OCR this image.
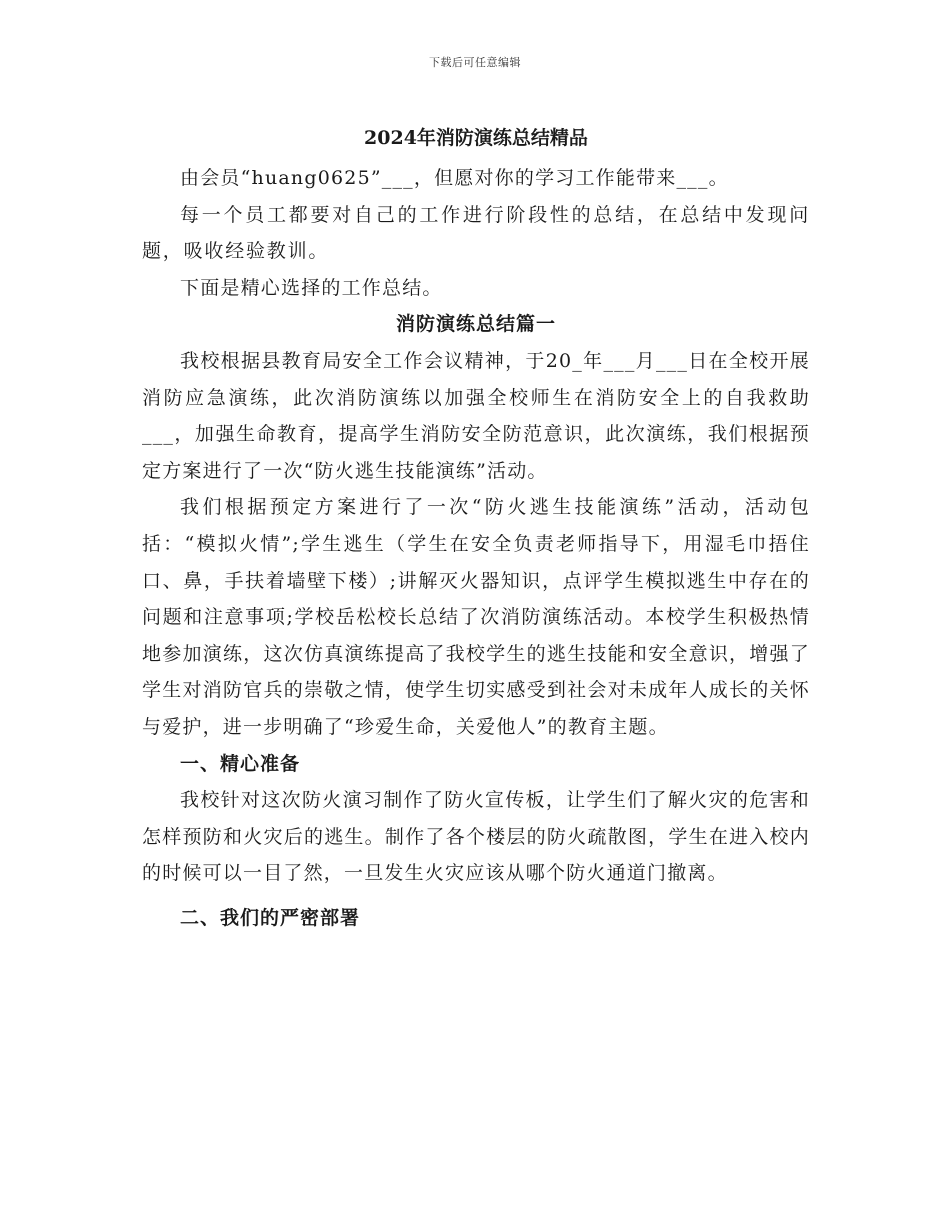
下载后可任意编辑
2024年消防演练总结精品

由会员“huang0625”___，但愿对你的学习工作能带来___。

每一个员工都要对自己的工作进行阶段性的总结，在总结中发现问题，吸收经验教训。

下面是精心选择的工作总结。

消防演练总结篇一

我校根据县教育局安全工作会议精神，于20_年___月___日在全校开展消防应急演练，此次消防演练以加强全校师生在消防安全上的自我救助___，加强生命教育，提高学生消防安全防范意识，此次演练，我们根据预定方案进行了一次“防火逃生技能演练”活动。

我们根据预定方案进行了一次“防火逃生技能演练”活动，活动包括：“模拟火情”;学生逃生（学生在安全负责老师指导下，用湿毛巾捂住口、鼻，手扶着墙壁下楼）;讲解灭火器知识，点评学生模拟逃生中存在的问题和注意事项;学校岳松校长总结了次消防演练活动。本校学生积极热情地参加演练，这次仿真演练提高了我校学生的逃生技能和安全意识，增强了学生对消防官兵的崇敬之情，使学生切实感受到社会对未成年人成长的关怀与爱护，进一步明确了“珍爱生命，关爱他人”的教育主题。

一、精心准备

我校针对这次防火演习制作了防火宣传板，让学生们了解火灾的危害和怎样预防和火灾后的逃生。制作了各个楼层的防火疏散图，学生在进入校内的时候可以一目了然，一旦发生火灾应该从哪个防火通道门撤离。

二、我们的严密部署
